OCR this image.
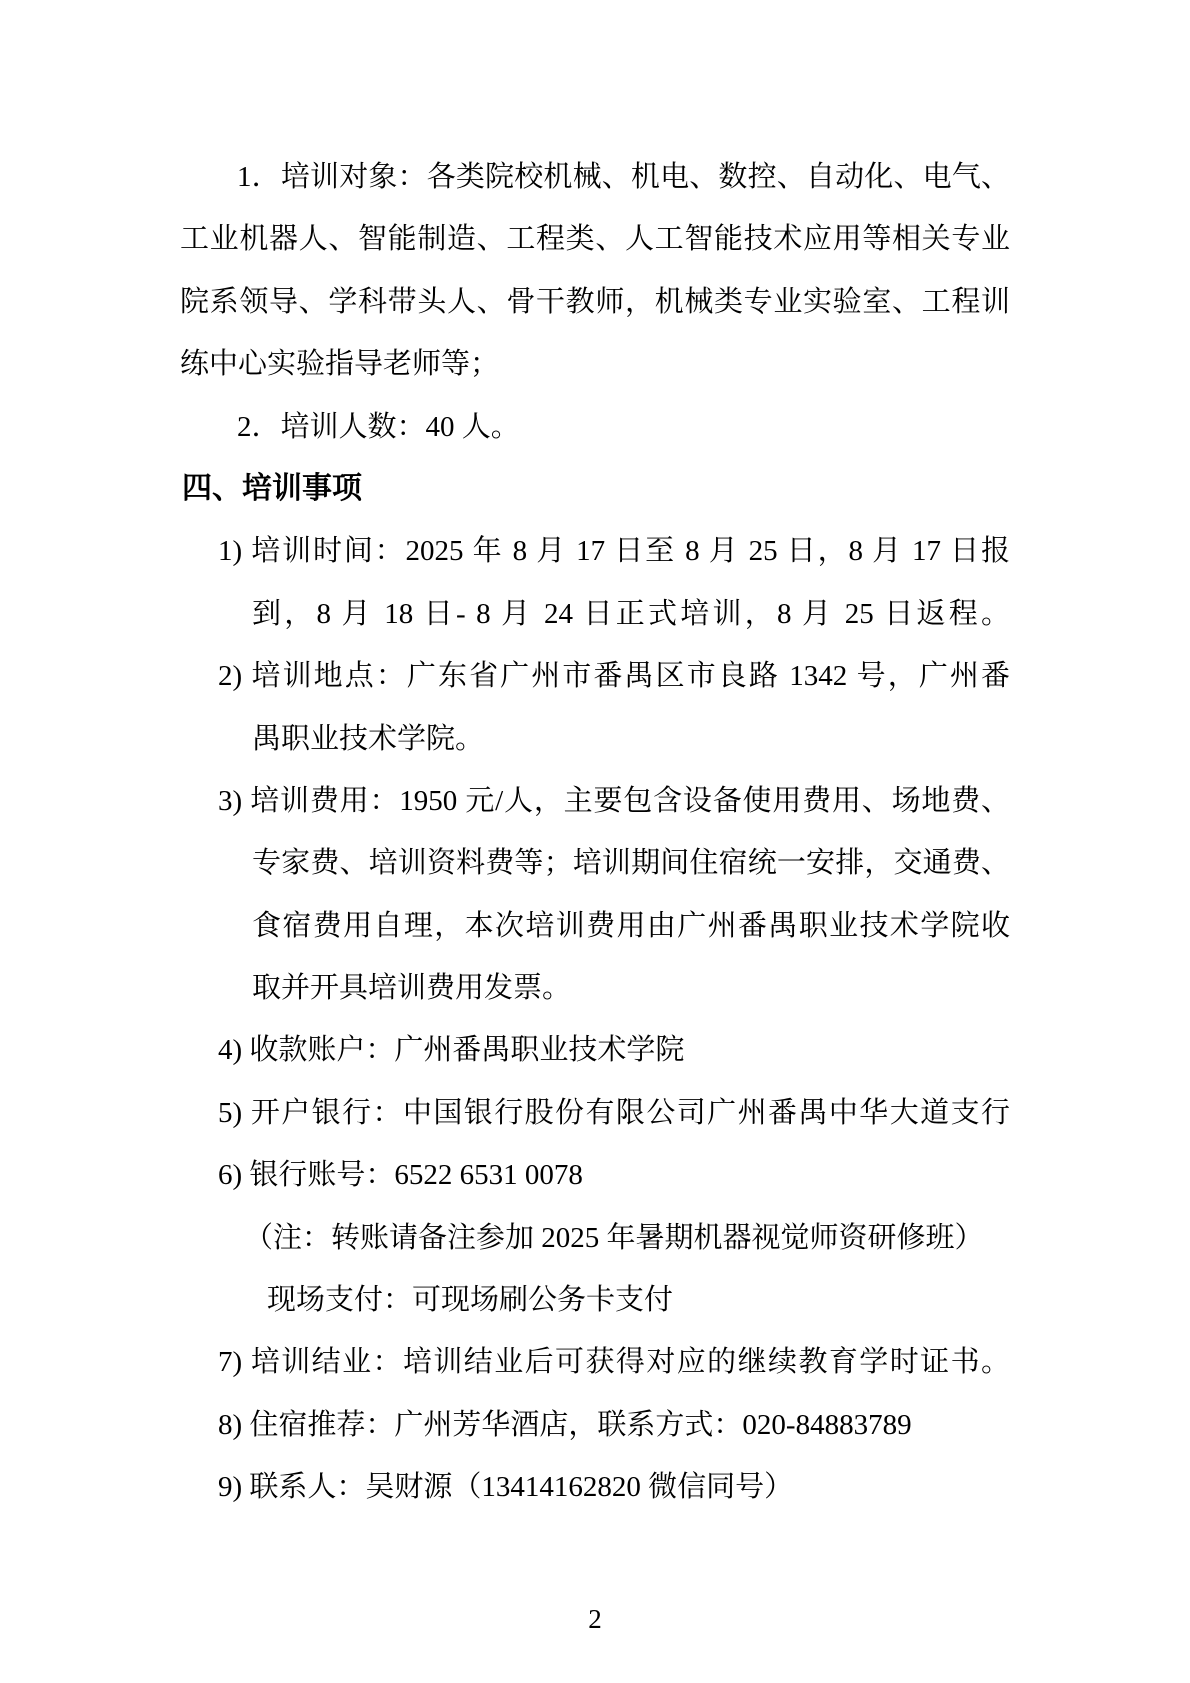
1．培训对象：各类院校机械、机电、数控、自动化、电气、
工业机器人、智能制造、工程类、人工智能技术应用等相关专业
院系领导、学科带头人、骨干教师，机械类专业实验室、工程训
练中心实验指导老师等；
2．培训人数：40 人。
四、培训事项
1) 培训时间：2025 年 8 月 17 日至 8 月 25 日，8 月 17 日报
到，8 月 18 日- 8 月 24 日正式培训，8 月 25 日返程。
2) 培训地点：广东省广州市番禺区市良路 1342 号，广州番
禺职业技术学院。
3) 培训费用：1950 元/人，主要包含设备使用费用、场地费、
专家费、培训资料费等；培训期间住宿统一安排，交通费、
食宿费用自理，本次培训费用由广州番禺职业技术学院收
取并开具培训费用发票。
4) 收款账户：广州番禺职业技术学院
5) 开户银行：中国银行股份有限公司广州番禺中华大道支行
6) 银行账号：6522 6531 0078
（注：转账请备注参加 2025 年暑期机器视觉师资研修班）
现场支付：可现场刷公务卡支付
7) 培训结业：培训结业后可获得对应的继续教育学时证书。
8) 住宿推荐：广州芳华酒店，联系方式：020-84883789
9) 联系人：吴财源（13414162820 微信同号）
2
